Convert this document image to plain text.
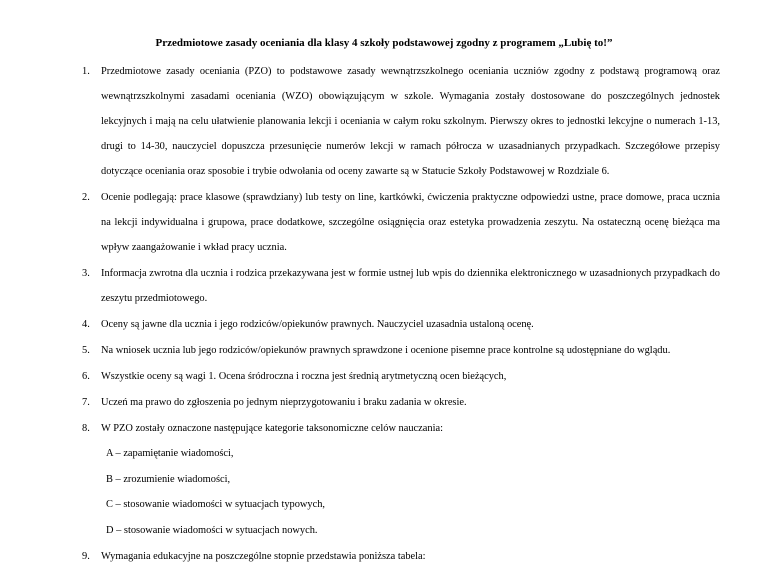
Przedmiotowe zasady oceniania dla klasy 4 szkoły podstawowej zgodny z programem „Lubię to!”
1. Przedmiotowe zasady oceniania (PZO) to podstawowe zasady wewnątrzszkolnego oceniania uczniów zgodny z podstawą programową oraz wewnątrzszkolnymi zasadami oceniania (WZO) obowiązującym w szkole. Wymagania zostały dostosowane do poszczególnych jednostek lekcyjnych i mają na celu ułatwienie planowania lekcji i oceniania w całym roku szkolnym. Pierwszy okres to jednostki lekcyjne o numerach 1-13, drugi to 14-30, nauczyciel dopuszcza przesunięcie numerów lekcji w ramach półrocza w uzasadnianych przypadkach. Szczegółowe przepisy dotyczące oceniania oraz sposobie i trybie odwołania od oceny zawarte są w Statucie Szkoły Podstawowej w Rozdziale 6.
2. Ocenie podlegają: prace klasowe (sprawdziany) lub testy on line, kartkówki, ćwiczenia praktyczne odpowiedzi ustne, prace domowe, praca ucznia na lekcji indywidualna i grupowa, prace dodatkowe, szczególne osiągnięcia oraz estetyka prowadzenia zeszytu. Na ostateczną ocenę bieżąca ma wpływ zaangażowanie i wkład pracy ucznia.
3. Informacja zwrotna dla ucznia i rodzica przekazywana jest w formie ustnej lub wpis do dziennika elektronicznego w uzasadnionych przypadkach do zeszytu przedmiotowego.
4. Oceny są jawne dla ucznia i jego rodziców/opiekunów prawnych. Nauczyciel uzasadnia ustaloną ocenę.
5. Na wniosek ucznia lub jego rodziców/opiekunów prawnych sprawdzone i ocenione pisemne prace kontrolne są udostępniane do wglądu.
6. Wszystkie oceny są wagi 1. Ocena śródroczna i roczna jest średnią arytmetyczną ocen bieżących,
7. Uczeń ma prawo do zgłoszenia po jednym nieprzygotowaniu i braku zadania w okresie.
8. W PZO zostały oznaczone następujące kategorie taksonomiczne celów nauczania:
A – zapamiętanie wiadomości,
B – zrozumienie wiadomości,
C – stosowanie wiadomości w sytuacjach typowych,
D – stosowanie wiadomości w sytuacjach nowych.
9. Wymagania edukacyjne na poszczególne stopnie przedstawia poniższa tabela:
